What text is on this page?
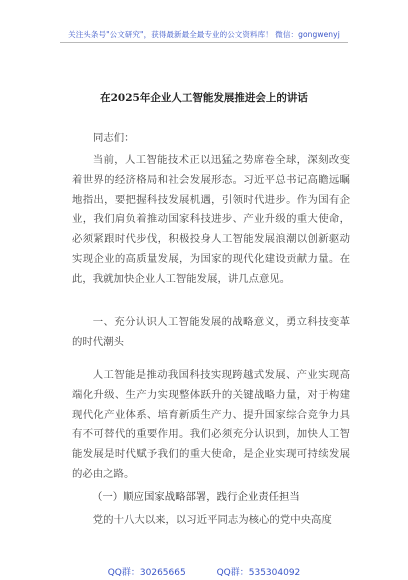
关注头条号"公文研究"，获得最新最全最专业的公文资料库！ 微信：gongwenyj
在2025年企业人工智能发展推进会上的讲话
同志们：

当前，人工智能技术正以迅猛之势席卷全球，深刻改变着世界的经济格局和社会发展形态。习近平总书记高瞻远瞩地指出，要把握科技发展机遇，引领时代进步。作为国有企业，我们肩负着推动国家科技进步、产业升级的重大使命，必须紧跟时代步伐，积极投身人工智能发展浪潮以创新驱动实现企业的高质量发展，为国家的现代化建设贡献力量。在此，我就加快企业人工智能发展，讲几点意见。

一、充分认识人工智能发展的战略意义，勇立科技变革的时代潮头

人工智能是推动我国科技实现跨越式发展、产业实现高端化升级、生产力实现整体跃升的关键战略力量，对于构建现代化产业体系、培育新质生产力、提升国家综合竞争力具有不可替代的重要作用。我们必须充分认识到，加快人工智能发展是时代赋予我们的重大使命，是企业实现可持续发展的必由之路。

（一）顺应国家战略部署，践行企业责任担当

党的十八大以来，以习近平同志为核心的党中央高度

QQ群：30265665	QQ群：535304092
